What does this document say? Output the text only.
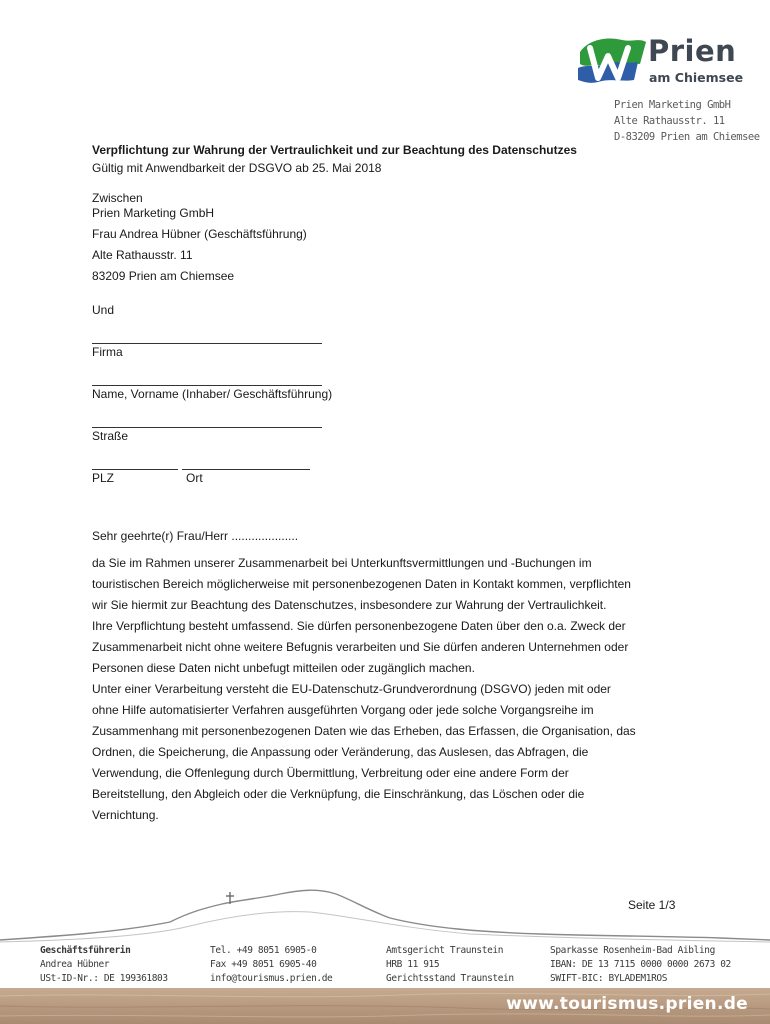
Prien
am Chiemsee
Prien Marketing GmbH
Alte Rathausstr. 11
D-83209 Prien am Chiemsee
Verpflichtung zur Wahrung der Vertraulichkeit und zur Beachtung des Datenschutzes
Gültig mit Anwendbarkeit der DSGVO ab 25. Mai 2018
Zwischen
Prien Marketing GmbH
Frau Andrea Hübner (Geschäftsführung)
Alte Rathausstr. 11
83209 Prien am Chiemsee
Und
Firma
Name, Vorname (Inhaber/ Geschäftsführung)
Straße
PLZ	Ort
Sehr geehrte(r) Frau/Herr ....................
da Sie im Rahmen unserer Zusammenarbeit bei Unterkunftsvermittlungen und -Buchungen im
touristischen Bereich möglicherweise mit personenbezogenen Daten in Kontakt kommen, verpflichten
wir Sie hiermit zur Beachtung des Datenschutzes, insbesondere zur Wahrung der Vertraulichkeit.
Ihre Verpflichtung besteht umfassend. Sie dürfen personenbezogene Daten über den o.a. Zweck der
Zusammenarbeit nicht ohne weitere Befugnis verarbeiten und Sie dürfen anderen Unternehmen oder
Personen diese Daten nicht unbefugt mitteilen oder zugänglich machen.
Unter einer Verarbeitung versteht die EU-Datenschutz-Grundverordnung (DSGVO) jeden mit oder
ohne Hilfe automatisierter Verfahren ausgeführten Vorgang oder jede solche Vorgangsreihe im
Zusammenhang mit personenbezogenen Daten wie das Erheben, das Erfassen, die Organisation, das
Ordnen, die Speicherung, die Anpassung oder Veränderung, das Auslesen, das Abfragen, die
Verwendung, die Offenlegung durch Übermittlung, Verbreitung oder eine andere Form der
Bereitstellung, den Abgleich oder die Verknüpfung, die Einschränkung, das Löschen oder die
Vernichtung.
Seite 1/3
Geschäftsführerin
Andrea Hübner
USt-ID-Nr.: DE 199361803
Tel. +49 8051 6905-0
Fax +49 8051 6905-40
info@tourismus.prien.de
Amtsgericht Traunstein
HRB 11 915
Gerichtsstand Traunstein
Sparkasse Rosenheim-Bad Aibling
IBAN: DE 13 7115 0000 0000 2673 02
SWIFT-BIC: BYLADEM1ROS
www.tourismus.prien.de
